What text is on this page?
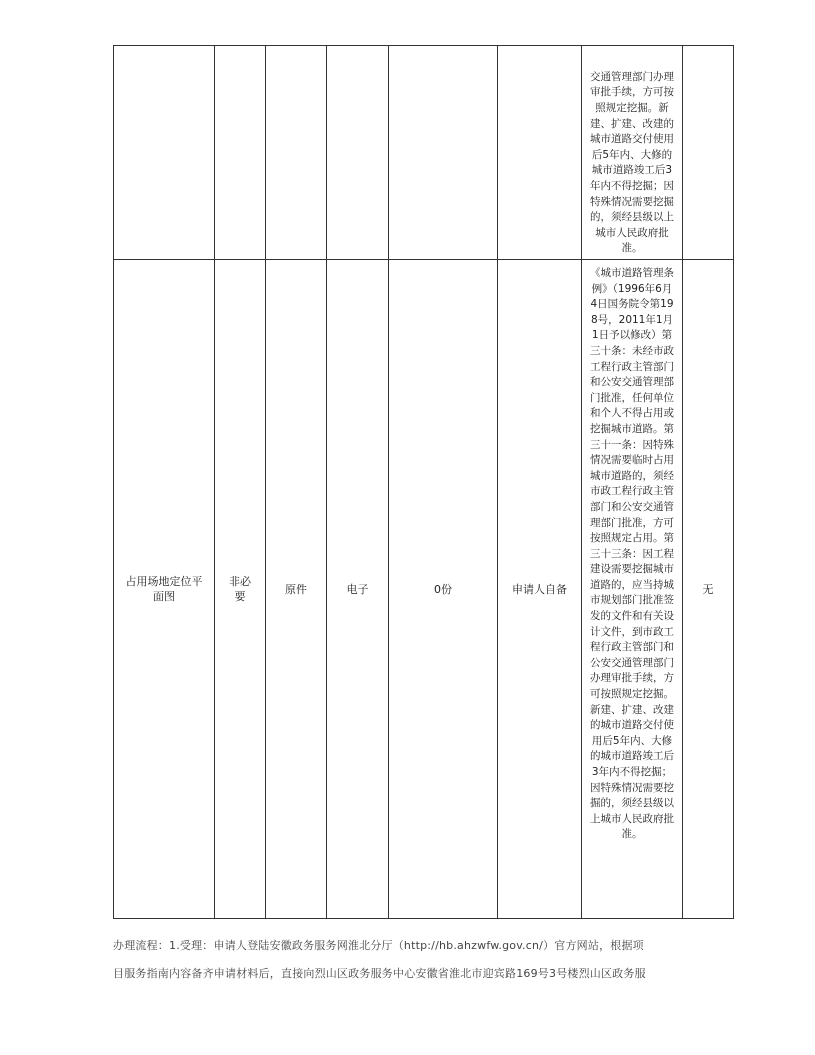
						交通管理部门办理审批手续，方可按照规定挖掘。新建、扩建、改建的城市道路交付使用后5年内、大修的城市道路竣工后3年内不得挖掘；因特殊情况需要挖掘的，须经县级以上城市人民政府批准。	

占用场地定位平面图	非必要	原件	电子	0份	申请人自备	《城市道路管理条例》（1996年6月4日国务院令第198号，2011年1月1日予以修改）第三十条：未经市政工程行政主管部门和公安交通管理部门批准，任何单位和个人不得占用或挖掘城市道路。第三十一条：因特殊情况需要临时占用城市道路的，须经市政工程行政主管部门和公安交通管理部门批准，方可按照规定占用。第三十三条：因工程建设需要挖掘城市道路的，应当持城市规划部门批准签发的文件和有关设计文件，到市政工程行政主管部门和公安交通管理部门办理审批手续，方可按照规定挖掘。新建、扩建、改建的城市道路交付使用后5年内、大修的城市道路竣工后3年内不得挖掘；因特殊情况需要挖掘的，须经县级以上城市人民政府批准。	无
办理流程：1.受理：申请人登陆安徽政务服务网淮北分厅（http://hb.ahzwfw.gov.cn/）官方网站，根据项
目服务指南内容备齐申请材料后，直接向烈山区政务服务中心安徽省淮北市迎宾路169号3号楼烈山区政务服
